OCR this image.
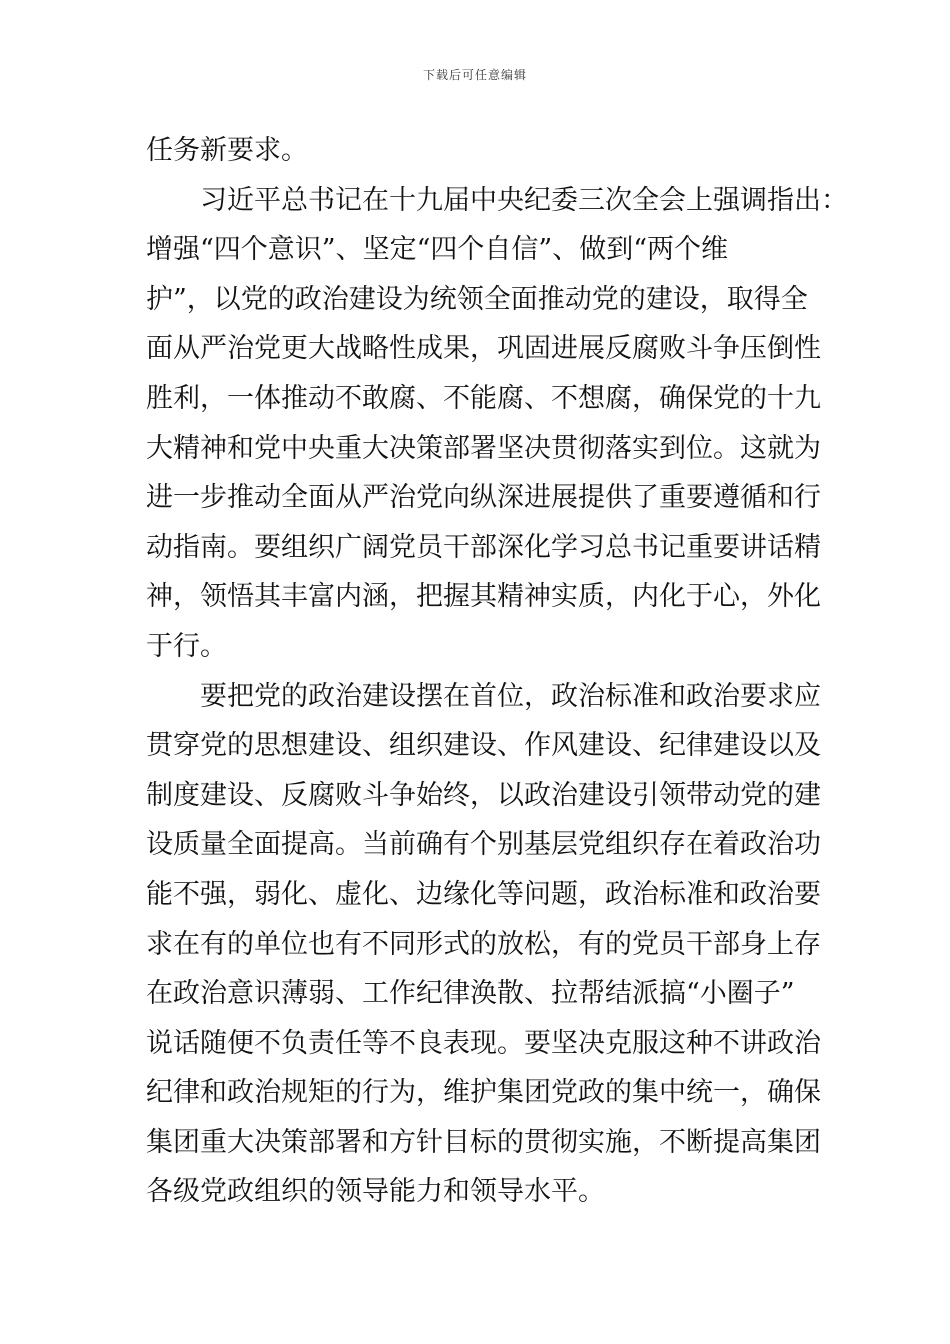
下载后可任意编辑
任务新要求。
习近平总书记在十九届中央纪委三次全会上强调指出：
增强“四个意识”、坚定“四个自信”、做到“两个维
护”，以党的政治建设为统领全面推动党的建设，取得全
面从严治党更大战略性成果，巩固进展反腐败斗争压倒性
胜利，一体推动不敢腐、不能腐、不想腐，确保党的十九
大精神和党中央重大决策部署坚决贯彻落实到位。这就为
进一步推动全面从严治党向纵深进展提供了重要遵循和行
动指南。要组织广阔党员干部深化学习总书记重要讲话精
神，领悟其丰富内涵，把握其精神实质，内化于心，外化
于行。
要把党的政治建设摆在首位，政治标准和政治要求应
贯穿党的思想建设、组织建设、作风建设、纪律建设以及
制度建设、反腐败斗争始终，以政治建设引领带动党的建
设质量全面提高。当前确有个别基层党组织存在着政治功
能不强，弱化、虚化、边缘化等问题，政治标准和政治要
求在有的单位也有不同形式的放松，有的党员干部身上存
在政治意识薄弱、工作纪律涣散、拉帮结派搞“小圈子”
说话随便不负责任等不良表现。要坚决克服这种不讲政治
纪律和政治规矩的行为，维护集团党政的集中统一，确保
集团重大决策部署和方针目标的贯彻实施，不断提高集团
各级党政组织的领导能力和领导水平。
